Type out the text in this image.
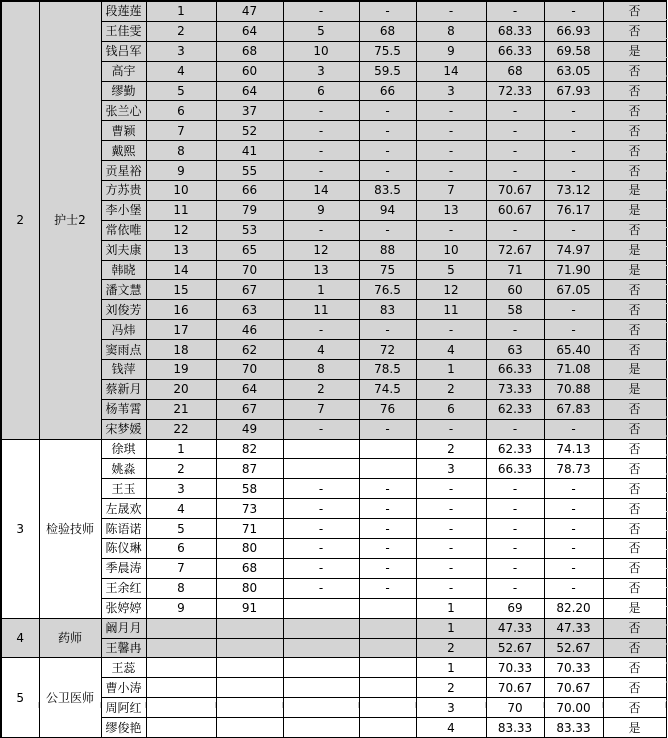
2	护士2	段莲莲	1	47	-	-	-	-	-	否
		王佳雯	2	64	5	68	8	68.33	66.93	否
		钱吕军	3	68	10	75.5	9	66.33	69.58	是
		高宇	4	60	3	59.5	14	68	63.05	否
		缪勤	5	64	6	66	3	72.33	67.93	否
		张兰心	6	37	-	-	-	-	-	否
		曹颖	7	52	-	-	-	-	-	否
		戴熙	8	41	-	-	-	-	-	否
		贡星裕	9	55	-	-	-	-	-	否
		方苏贵	10	66	14	83.5	7	70.67	73.12	是
		李小堡	11	79	9	94	13	60.67	76.17	是
		常依唯	12	53	-	-	-	-	-	否
		刘夫康	13	65	12	88	10	72.67	74.97	是
		韩晓	14	70	13	75	5	71	71.90	是
		潘文慧	15	67	1	76.5	12	60	67.05	否
		刘俊芳	16	63	11	83	11	58	-	否
		冯炜	17	46	-	-	-	-	-	否
		窦雨点	18	62	4	72	4	63	65.40	否
		钱萍	19	70	8	78.5	1	66.33	71.08	是
		蔡新月	20	64	2	74.5	2	73.33	70.88	是
		杨苇霄	21	67	7	76	6	62.33	67.83	否
		宋梦媛	22	49	-	-	-	-	-	否
3	检验技师	徐琪	1	82			2	62.33	74.13	否
		姚淼	2	87			3	66.33	78.73	否
		王玉	3	58	-	-	-	-	-	否
		左晟欢	4	73	-	-	-	-	-	否
		陈语诺	5	71	-	-	-	-	-	否
		陈仪琳	6	80	-	-	-	-	-	否
		季晨涛	7	68	-	-	-	-	-	否
		王余红	8	80	-	-	-	-	-	否
		张婷婷	9	91			1	69	82.20	是
4	药师	阚月月					1	47.33	47.33	否
		王馨冉					2	52.67	52.67	否
5	公卫医师	王蕊					1	70.33	70.33	否
		曹小涛					2	70.67	70.67	否
		周阿红					3	70	70.00	否
		缪俊艳					4	83.33	83.33	是
